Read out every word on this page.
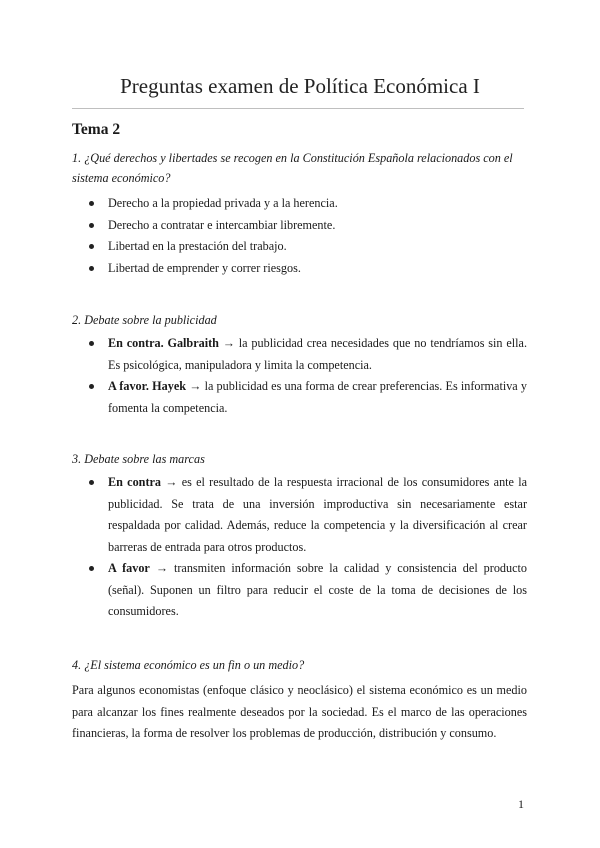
Preguntas examen de Política Económica I
Tema 2
1. ¿Qué derechos y libertades se recogen en la Constitución Española relacionados con el sistema económico?
Derecho a la propiedad privada y a la herencia.
Derecho a contratar e intercambiar libremente.
Libertad en la prestación del trabajo.
Libertad de emprender y correr riesgos.
2. Debate sobre la publicidad
En contra. Galbraith → la publicidad crea necesidades que no tendríamos sin ella. Es psicológica, manipuladora y limita la competencia.
A favor. Hayek → la publicidad es una forma de crear preferencias. Es informativa y fomenta la competencia.
3. Debate sobre las marcas
En contra → es el resultado de la respuesta irracional de los consumidores ante la publicidad. Se trata de una inversión improductiva sin necesariamente estar respaldada por calidad. Además, reduce la competencia y la diversificación al crear barreras de entrada para otros productos.
A favor → transmiten información sobre la calidad y consistencia del producto (señal). Suponen un filtro para reducir el coste de la toma de decisiones de los consumidores.
4. ¿El sistema económico es un fin o un medio?
Para algunos economistas (enfoque clásico y neoclásico) el sistema económico es un medio para alcanzar los fines realmente deseados por la sociedad. Es el marco de las operaciones financieras, la forma de resolver los problemas de producción, distribución y consumo.
1
